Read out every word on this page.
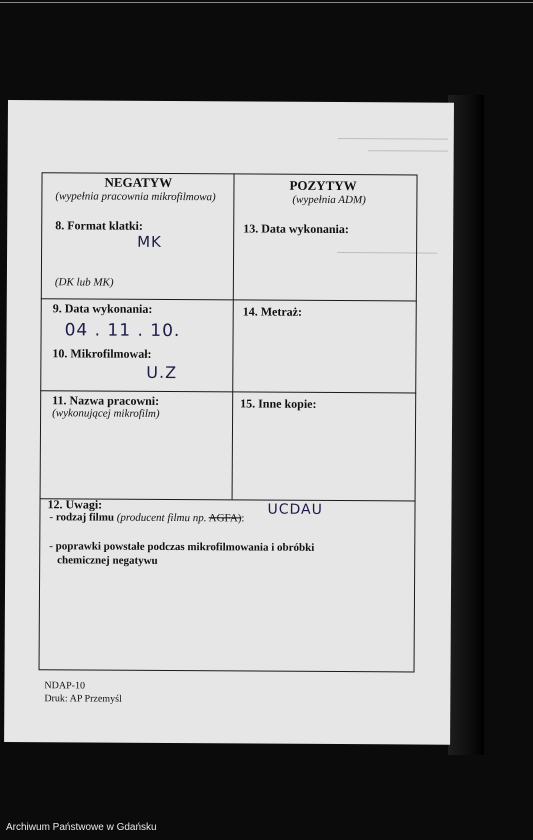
NEGATYW
(wypełnia pracownia mikrofilmowa)
POZYTYW
(wypełnia ADM)
8. Format klatki:
MK
(DK lub MK)
13. Data wykonania:
9. Data wykonania:
04 . 11 . 10.
10. Mikrofilmował:
U.Z
14. Metraż:
11. Nazwa pracowni:
(wykonującej mikrofilm)
15. Inne kopie:
12. Uwagi:
- rodzaj filmu (producent filmu np. AGFA):
UCDAU
- poprawki powstałe podczas mikrofilmowania i obróbki
chemicznej negatywu
NDAP-10
Druk: AP Przemyśl
Archiwum Państwowe w Gdańsku
